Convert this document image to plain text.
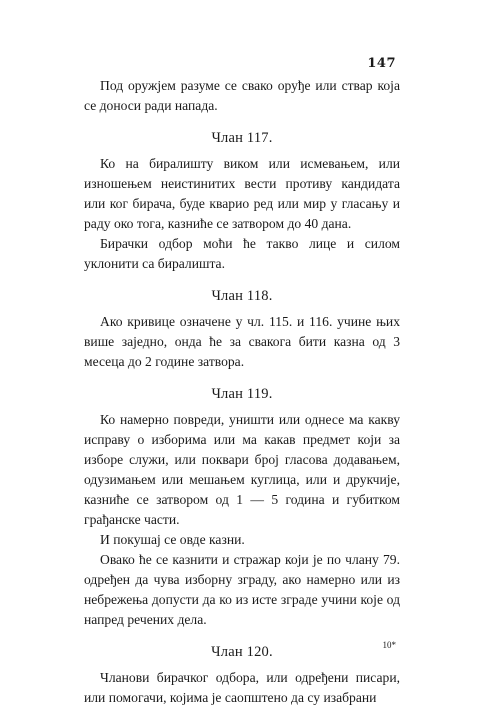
147

Под оружјем разуме се свако оруђе или ствар која се доноси ради напада.

Члан 117.

Ко на биралишту виком или исмевањем, или изношењем неистинитих вести противу кандидата или ког бирача, буде кварио ред или мир у гласању и раду око тога, казниће се затвором до 40 дана.

Бирачки одбор моћи ће такво лице и силом уклонити са биралишта.

Члан 118.

Ако кривице означене у чл. 115. и 116. учине њих више заједно, онда ће за свакога бити казна од 3 месеца до 2 године затвора.

Члан 119.

Ко намерно повреди, уништи или однесе ма какву исправу о изборима или ма какав предмет који за изборе служи, или поквари број гласова додавањем, одузимањем или мешањем куглица, или и друкчије, казниће се затвором од 1 — 5 година и губитком грађанске части.

И покушај се овде казни.

Овако ће се казнити и стражар који је по члану 79. одређен да чува изборну зграду, ако намерно или из небрежења допусти да ко из исте зграде учини које од напред речених дела.

Члан 120.

Чланови бирачког одбора, или одређени писари, или помогачи, којима је саопштено да су изабрани

10*
